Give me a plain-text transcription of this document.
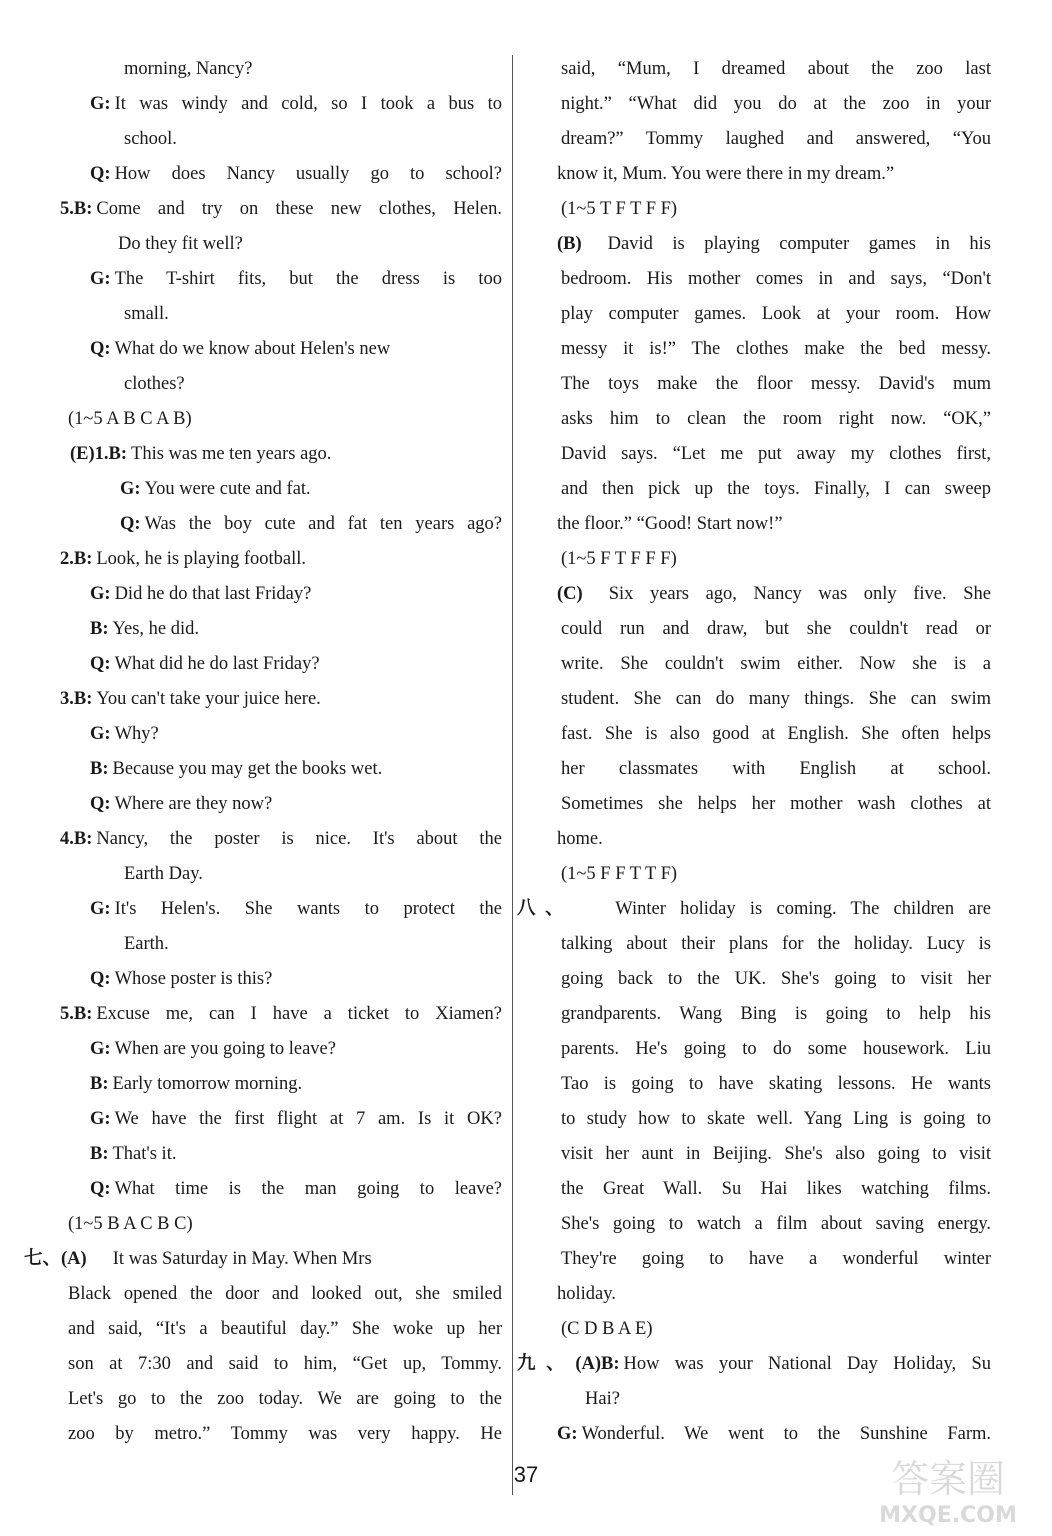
morning, Nancy?
G: It was windy and cold, so I took a bus to
school.
Q: How does Nancy usually go to school?
5.B: Come and try on these new clothes, Helen.
Do they fit well?
G: The T-shirt fits, but the dress is too
small.
Q: What do we know about Helen's new
clothes?
(1~5 A B C A B)
(E)1.B: This was me ten years ago.
G: You were cute and fat.
Q: Was the boy cute and fat ten years ago?
2.B: Look, he is playing football.
G: Did he do that last Friday?
B: Yes, he did.
Q: What did he do last Friday?
3.B: You can't take your juice here.
G: Why?
B: Because you may get the books wet.
Q: Where are they now?
4.B: Nancy, the poster is nice. It's about the
Earth Day.
G: It's Helen's. She wants to protect the
Earth.
Q: Whose poster is this?
5.B: Excuse me, can I have a ticket to Xiamen?
G: When are you going to leave?
B: Early tomorrow morning.
G: We have the first flight at 7 am. Is it OK?
B: That's it.
Q: What time is the man going to leave?
(1~5 B A C B C)
七、(A) It was Saturday in May. When Mrs
Black opened the door and looked out, she smiled
and said, “It's a beautiful day.” She woke up her
son at 7:30 and said to him, “Get up, Tommy.
Let's go to the zoo today. We are going to the
zoo by metro.” Tommy was very happy. He
said, “Mum, I dreamed about the zoo last
night.” “What did you do at the zoo in your
dream?” Tommy laughed and answered, “You
know it, Mum. You were there in my dream.”
(1~5 T F T F F)
(B) David is playing computer games in his
bedroom. His mother comes in and says, “Don't
play computer games. Look at your room. How
messy it is!” The clothes make the bed messy.
The toys make the floor messy. David's mum
asks him to clean the room right now. “OK,”
David says. “Let me put away my clothes first,
and then pick up the toys. Finally, I can sweep
the floor.” “Good! Start now!”
(1~5 F T F F F)
(C) Six years ago, Nancy was only five. She
could run and draw, but she couldn't read or
write. She couldn't swim either. Now she is a
student. She can do many things. She can swim
fast. She is also good at English. She often helps
her classmates with English at school.
Sometimes she helps her mother wash clothes at
home.
(1~5 F F T T F)
八、 Winter holiday is coming. The children are
talking about their plans for the holiday. Lucy is
going back to the UK. She's going to visit her
grandparents. Wang Bing is going to help his
parents. He's going to do some housework. Liu
Tao is going to have skating lessons. He wants
to study how to skate well. Yang Ling is going to
visit her aunt in Beijing. She's also going to visit
the Great Wall. Su Hai likes watching films.
She's going to watch a film about saving energy.
They're going to have a wonderful winter
holiday.
(C D B A E)
九、(A)B: How was your National Day Holiday, Su
Hai?
G: Wonderful. We went to the Sunshine Farm.
37	答案圈
MXQE.COM
